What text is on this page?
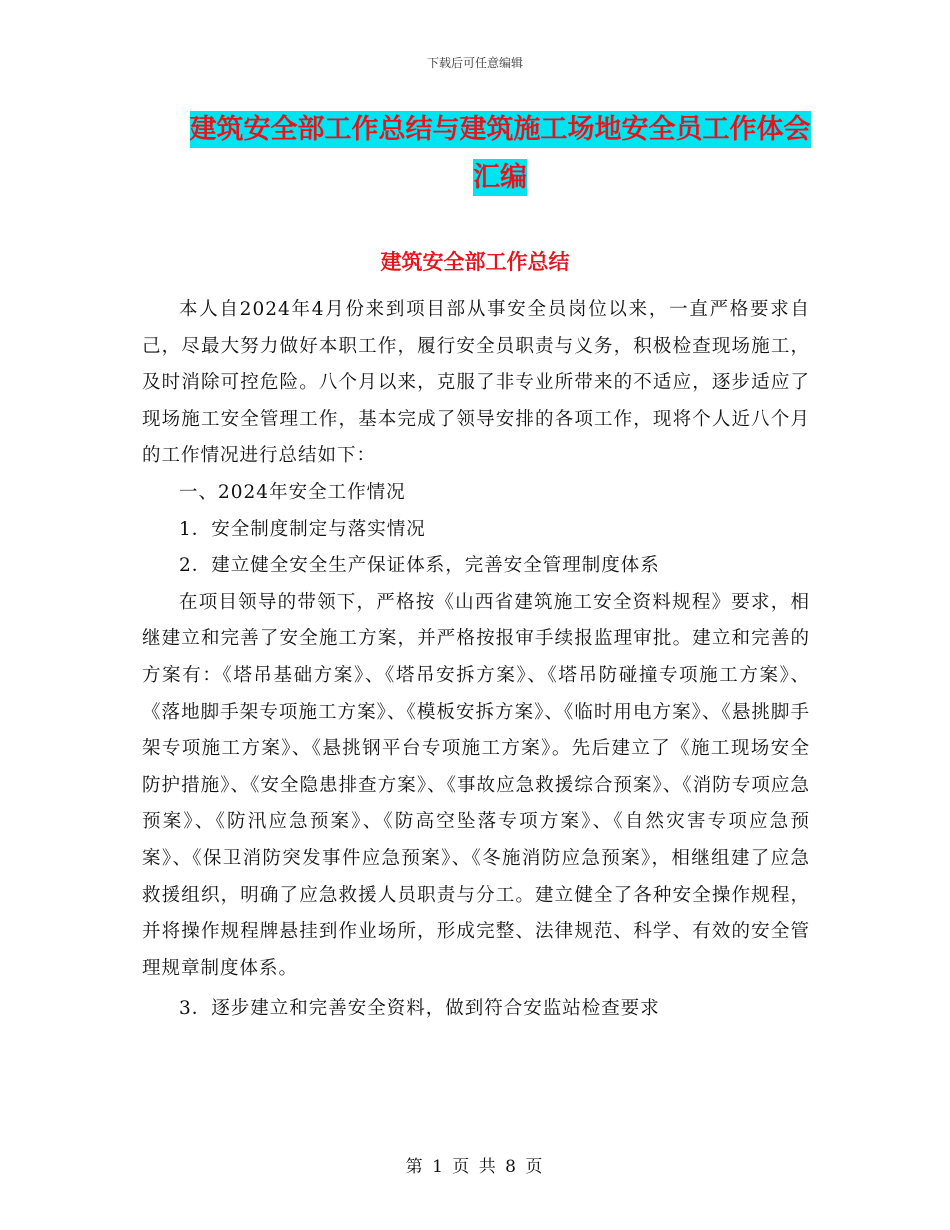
下载后可任意编辑
建筑安全部工作总结与建筑施工场地安全员工作体会
汇编
建筑安全部工作总结

本人自2024年4月份来到项目部从事安全员岗位以来，一直严格要求自己，尽最大努力做好本职工作，履行安全员职责与义务，积极检查现场施工，及时消除可控危险。八个月以来，克服了非专业所带来的不适应，逐步适应了现场施工安全管理工作，基本完成了领导安排的各项工作，现将个人近八个月的工作情况进行总结如下：

一、2024年安全工作情况

1．安全制度制定与落实情况

2．建立健全安全生产保证体系，完善安全管理制度体系

在项目领导的带领下，严格按《山西省建筑施工安全资料规程》要求，相继建立和完善了安全施工方案，并严格按报审手续报监理审批。建立和完善的方案有：《塔吊基础方案》、《塔吊安拆方案》、《塔吊防碰撞专项施工方案》、《落地脚手架专项施工方案》、《模板安拆方案》、《临时用电方案》、《悬挑脚手架专项施工方案》、《悬挑钢平台专项施工方案》。先后建立了《施工现场安全防护措施》、《安全隐患排查方案》、《事故应急救援综合预案》、《消防专项应急预案》、《防汛应急预案》、《防高空坠落专项方案》、《自然灾害专项应急预案》、《保卫消防突发事件应急预案》、《冬施消防应急预案》，相继组建了应急救援组织，明确了应急救援人员职责与分工。建立健全了各种安全操作规程，并将操作规程牌悬挂到作业场所，形成完整、法律规范、科学、有效的安全管理规章制度体系。

3．逐步建立和完善安全资料，做到符合安监站检查要求

第 1 页 共 8 页
